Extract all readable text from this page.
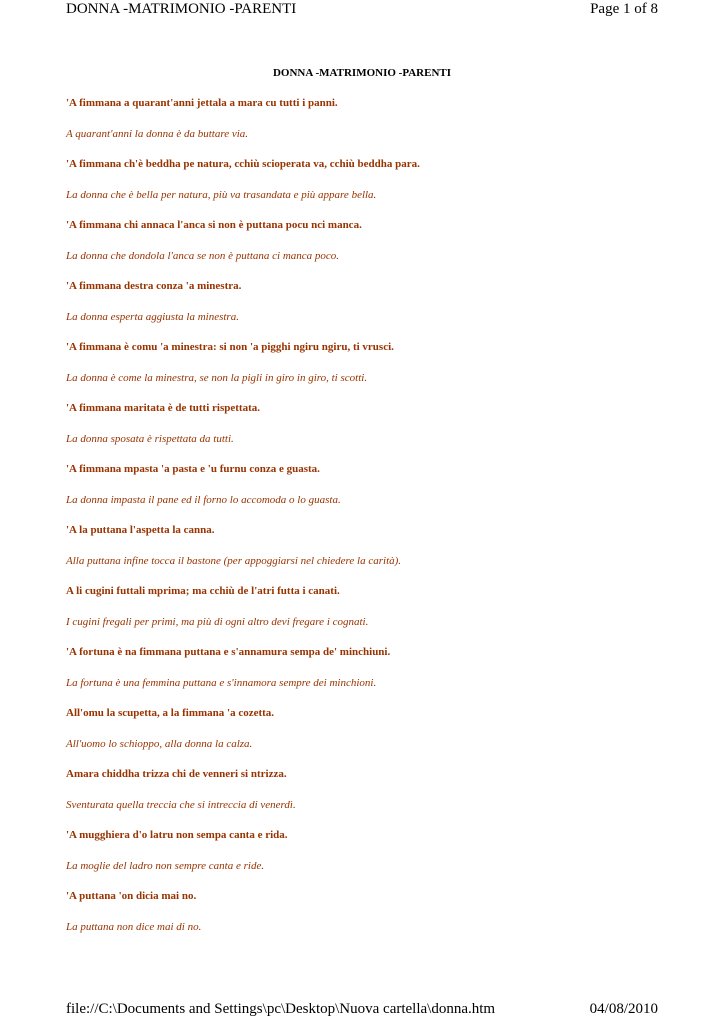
DONNA -MATRIMONIO -PARENTI	Page 1 of 8
DONNA -MATRIMONIO -PARENTI
'A fimmana a quarant'anni jettala a mara cu tutti i panni.
A quarant'anni la donna è da buttare via.
'A fimmana ch'è beddha pe natura, cchiù scioperata va, cchiù beddha para.
La donna che è bella per natura, più va trasandata e più appare bella.
'A fimmana chi annaca l'anca si non è puttana pocu nci manca.
La donna che dondola l'anca se non è puttana ci manca poco.
'A fimmana destra conza 'a minestra.
La donna esperta aggiusta la minestra.
'A fimmana è comu 'a minestra: si non 'a pigghi ngiru ngiru, ti vrusci.
La donna è come la minestra, se non la pigli in giro in giro, ti scotti.
'A fimmana maritata è de tutti rispettata.
La donna sposata è rispettata da tutti.
'A fimmana mpasta 'a pasta e 'u furnu conza e guasta.
La donna impasta il pane ed il forno lo accomoda o lo guasta.
'A la puttana l'aspetta la canna.
Alla puttana infine tocca il bastone (per appoggiarsi nel chiedere la carità).
A li cugini futtali mprima; ma cchiù de l'atri futta i canati.
I cugini fregali per primi, ma più di ogni altro devi fregare i cognati.
'A fortuna è na fimmana puttana e s'annamura sempa de' minchiuni.
La fortuna è una femmina puttana e s'innamora sempre dei minchioni.
All'omu la scupetta, a la fimmana 'a cozetta.
All'uomo lo schioppo, alla donna la calza.
Amara chiddha trizza chi de venneri si ntrizza.
Sventurata quella treccia che si intreccia di venerdì.
'A mugghiera d'o latru non sempa canta e rida.
La moglie del ladro non sempre canta e ride.
'A puttana 'on dicia mai no.
La puttana non dice mai di no.
file://C:\Documents and Settings\pc\Desktop\Nuova cartella\donna.htm	04/08/2010
